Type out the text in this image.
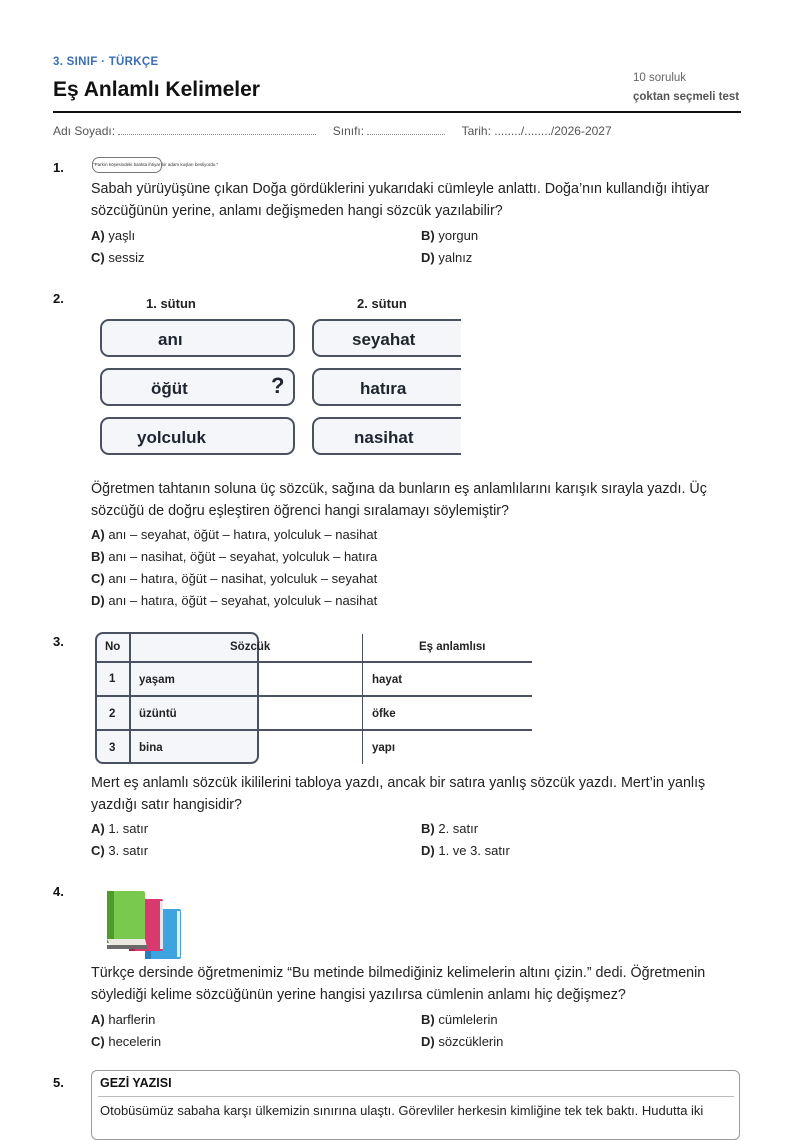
3. SINIF · TÜRKÇE
Eş Anlamlı Kelimeler	10 soruluk
çoktan seçmeli test
Adı Soyadı:	Sınıfı:	Tarih: ......../......../2026-2027
1.	"Parkın köşesindeki bankta ihtiyar bir adam kuşları besliyordu."
Sabah yürüyüşüne çıkan Doğa gördüklerini yukarıdaki cümleyle anlattı. Doğa’nın kullandığı ihtiyar sözcüğünün yerine, anlamı değişmeden hangi sözcük yazılabilir?
A) yaşlı	B) yorgun
C) sessiz	D) yalnız
2.	1. sütun	2. sütun
anı
öğüt	?
yolculuk
seyahat
hatıra
nasihat
Öğretmen tahtanın soluna üç sözcük, sağına da bunların eş anlamlılarını karışık sırayla yazdı. Üç sözcüğü de doğru eşleştiren öğrenci hangi sıralamayı söylemiştir?
A) anı – seyahat, öğüt – hatıra, yolculuk – nasihat
B) anı – nasihat, öğüt – seyahat, yolculuk – hatıra
C) anı – hatıra, öğüt – nasihat, yolculuk – seyahat
D) anı – hatıra, öğüt – seyahat, yolculuk – nasihat
3.	No	Sözcük	Eş anlamlısı
1 yaşam	hayat
2 üzüntü	öfke
3 bina	yapı
Mert eş anlamlı sözcük ikililerini tabloya yazdı, ancak bir satıra yanlış sözcük yazdı. Mert’in yanlış yazdığı satır hangisidir?
A) 1. satır	B) 2. satır
C) 3. satır	D) 1. ve 3. satır
4.
Türkçe dersinde öğretmenimiz “Bu metinde bilmediğiniz kelimelerin altını çizin.” dedi. Öğretmenin söylediği kelime sözcüğünün yerine hangisi yazılırsa cümlenin anlamı hiç değişmez?
A) harflerin	B) cümlelerin
C) hecelerin	D) sözcüklerin
5.	GEZİ YAZISI
Otobüsümüz sabaha karşı ülkemizin sınırına ulaştı. Görevliler herkesin kimliğine tek tek baktı. Hudutta iki
